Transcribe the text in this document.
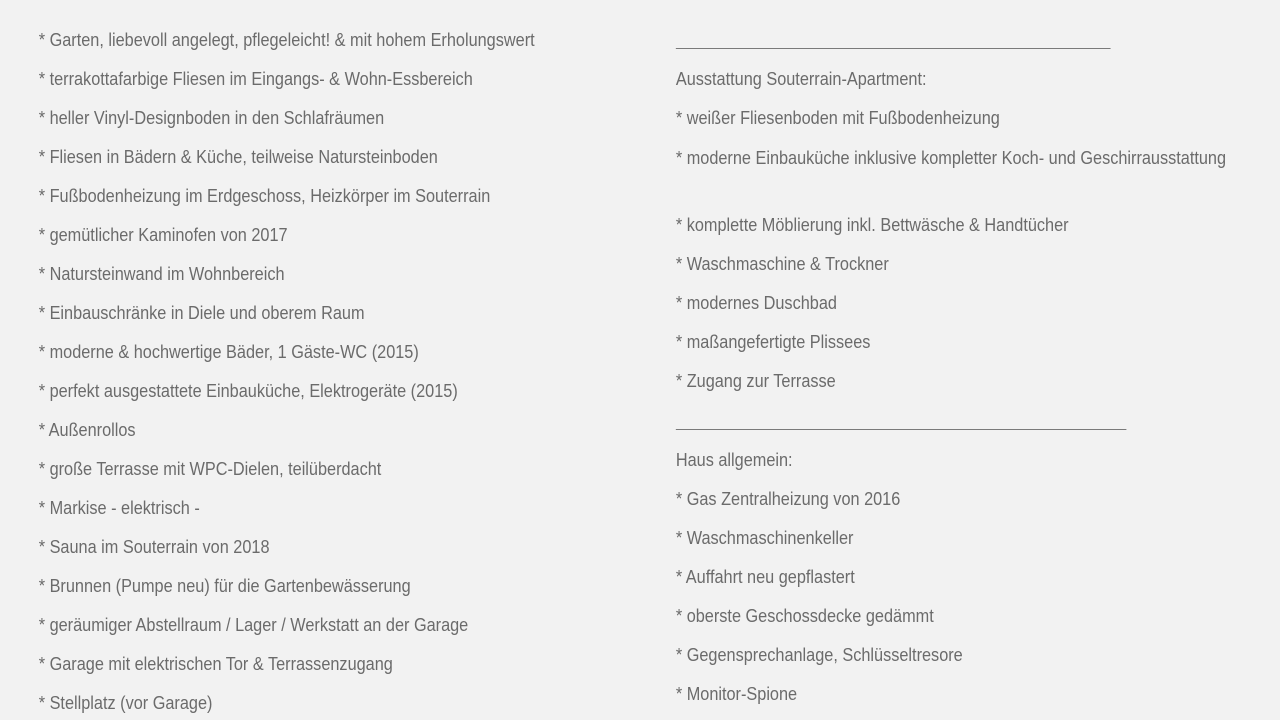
* Garten, liebevoll angelegt, pflegeleicht! & mit hohem Erholungswert
* terrakottafarbige Fliesen im Eingangs- & Wohn-Essbereich
* heller Vinyl-Designboden in den Schlafräumen
* Fliesen in Bädern & Küche, teilweise Natursteinboden
* Fußbodenheizung im Erdgeschoss, Heizkörper im Souterrain
* gemütlicher Kaminofen von 2017
* Natursteinwand im Wohnbereich
* Einbauschränke in Diele und oberem Raum
* moderne & hochwertige Bäder, 1 Gäste-WC (2015)
* perfekt ausgestattete Einbauküche, Elektrogeräte (2015)
* Außenrollos
* große Terrasse mit WPC-Dielen, teilüberdacht
* Markise - elektrisch -
* Sauna im Souterrain von 2018
* Brunnen (Pumpe neu) für die Gartenbewässerung
* geräumiger Abstellraum / Lager / Werkstatt an der Garage
* Garage mit elektrischen Tor & Terrassenzugang
* Stellplatz (vor Garage)
Ausstattung Souterrain-Apartment:
* weißer Fliesenboden mit Fußbodenheizung
* moderne Einbauküche inklusive kompletter Koch- und Geschirrausstattung
* komplette Möblierung inkl. Bettwäsche & Handtücher
* Waschmaschine & Trockner
* modernes Duschbad
* maßangefertigte Plissees
* Zugang zur Terrasse
Haus allgemein:
* Gas Zentralheizung von 2016
* Waschmaschinenkeller
* Auffahrt neu gepflastert
* oberste Geschossdecke gedämmt
* Gegensprechanlage, Schlüsseltresore
* Monitor-Spione
